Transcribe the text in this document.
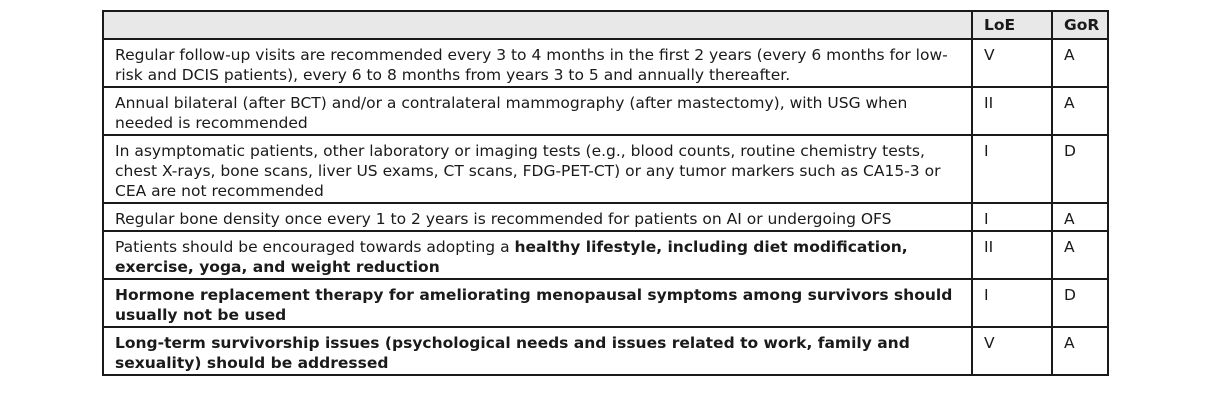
	LoE	GoR
Regular follow-up visits are recommended every 3 to 4 months in the first 2 years (every 6 months for low-risk and DCIS patients), every 6 to 8 months from years 3 to 5 and annually thereafter.	V	A
Annual bilateral (after BCT) and/or a contralateral mammography (after mastectomy), with USG when needed is recommended	II	A
In asymptomatic patients, other laboratory or imaging tests (e.g., blood counts, routine chemistry tests, chest X-rays, bone scans, liver US exams, CT scans, FDG-PET-CT) or any tumor markers such as CA15-3 or CEA are not recommended	I	D
Regular bone density once every 1 to 2 years is recommended for patients on AI or undergoing OFS	I	A
Patients should be encouraged towards adopting a healthy lifestyle, including diet modification, exercise, yoga, and weight reduction	II	A
Hormone replacement therapy for ameliorating menopausal symptoms among survivors should usually not be used	I	D
Long-term survivorship issues (psychological needs and issues related to work, family and sexuality) should be addressed	V	A
